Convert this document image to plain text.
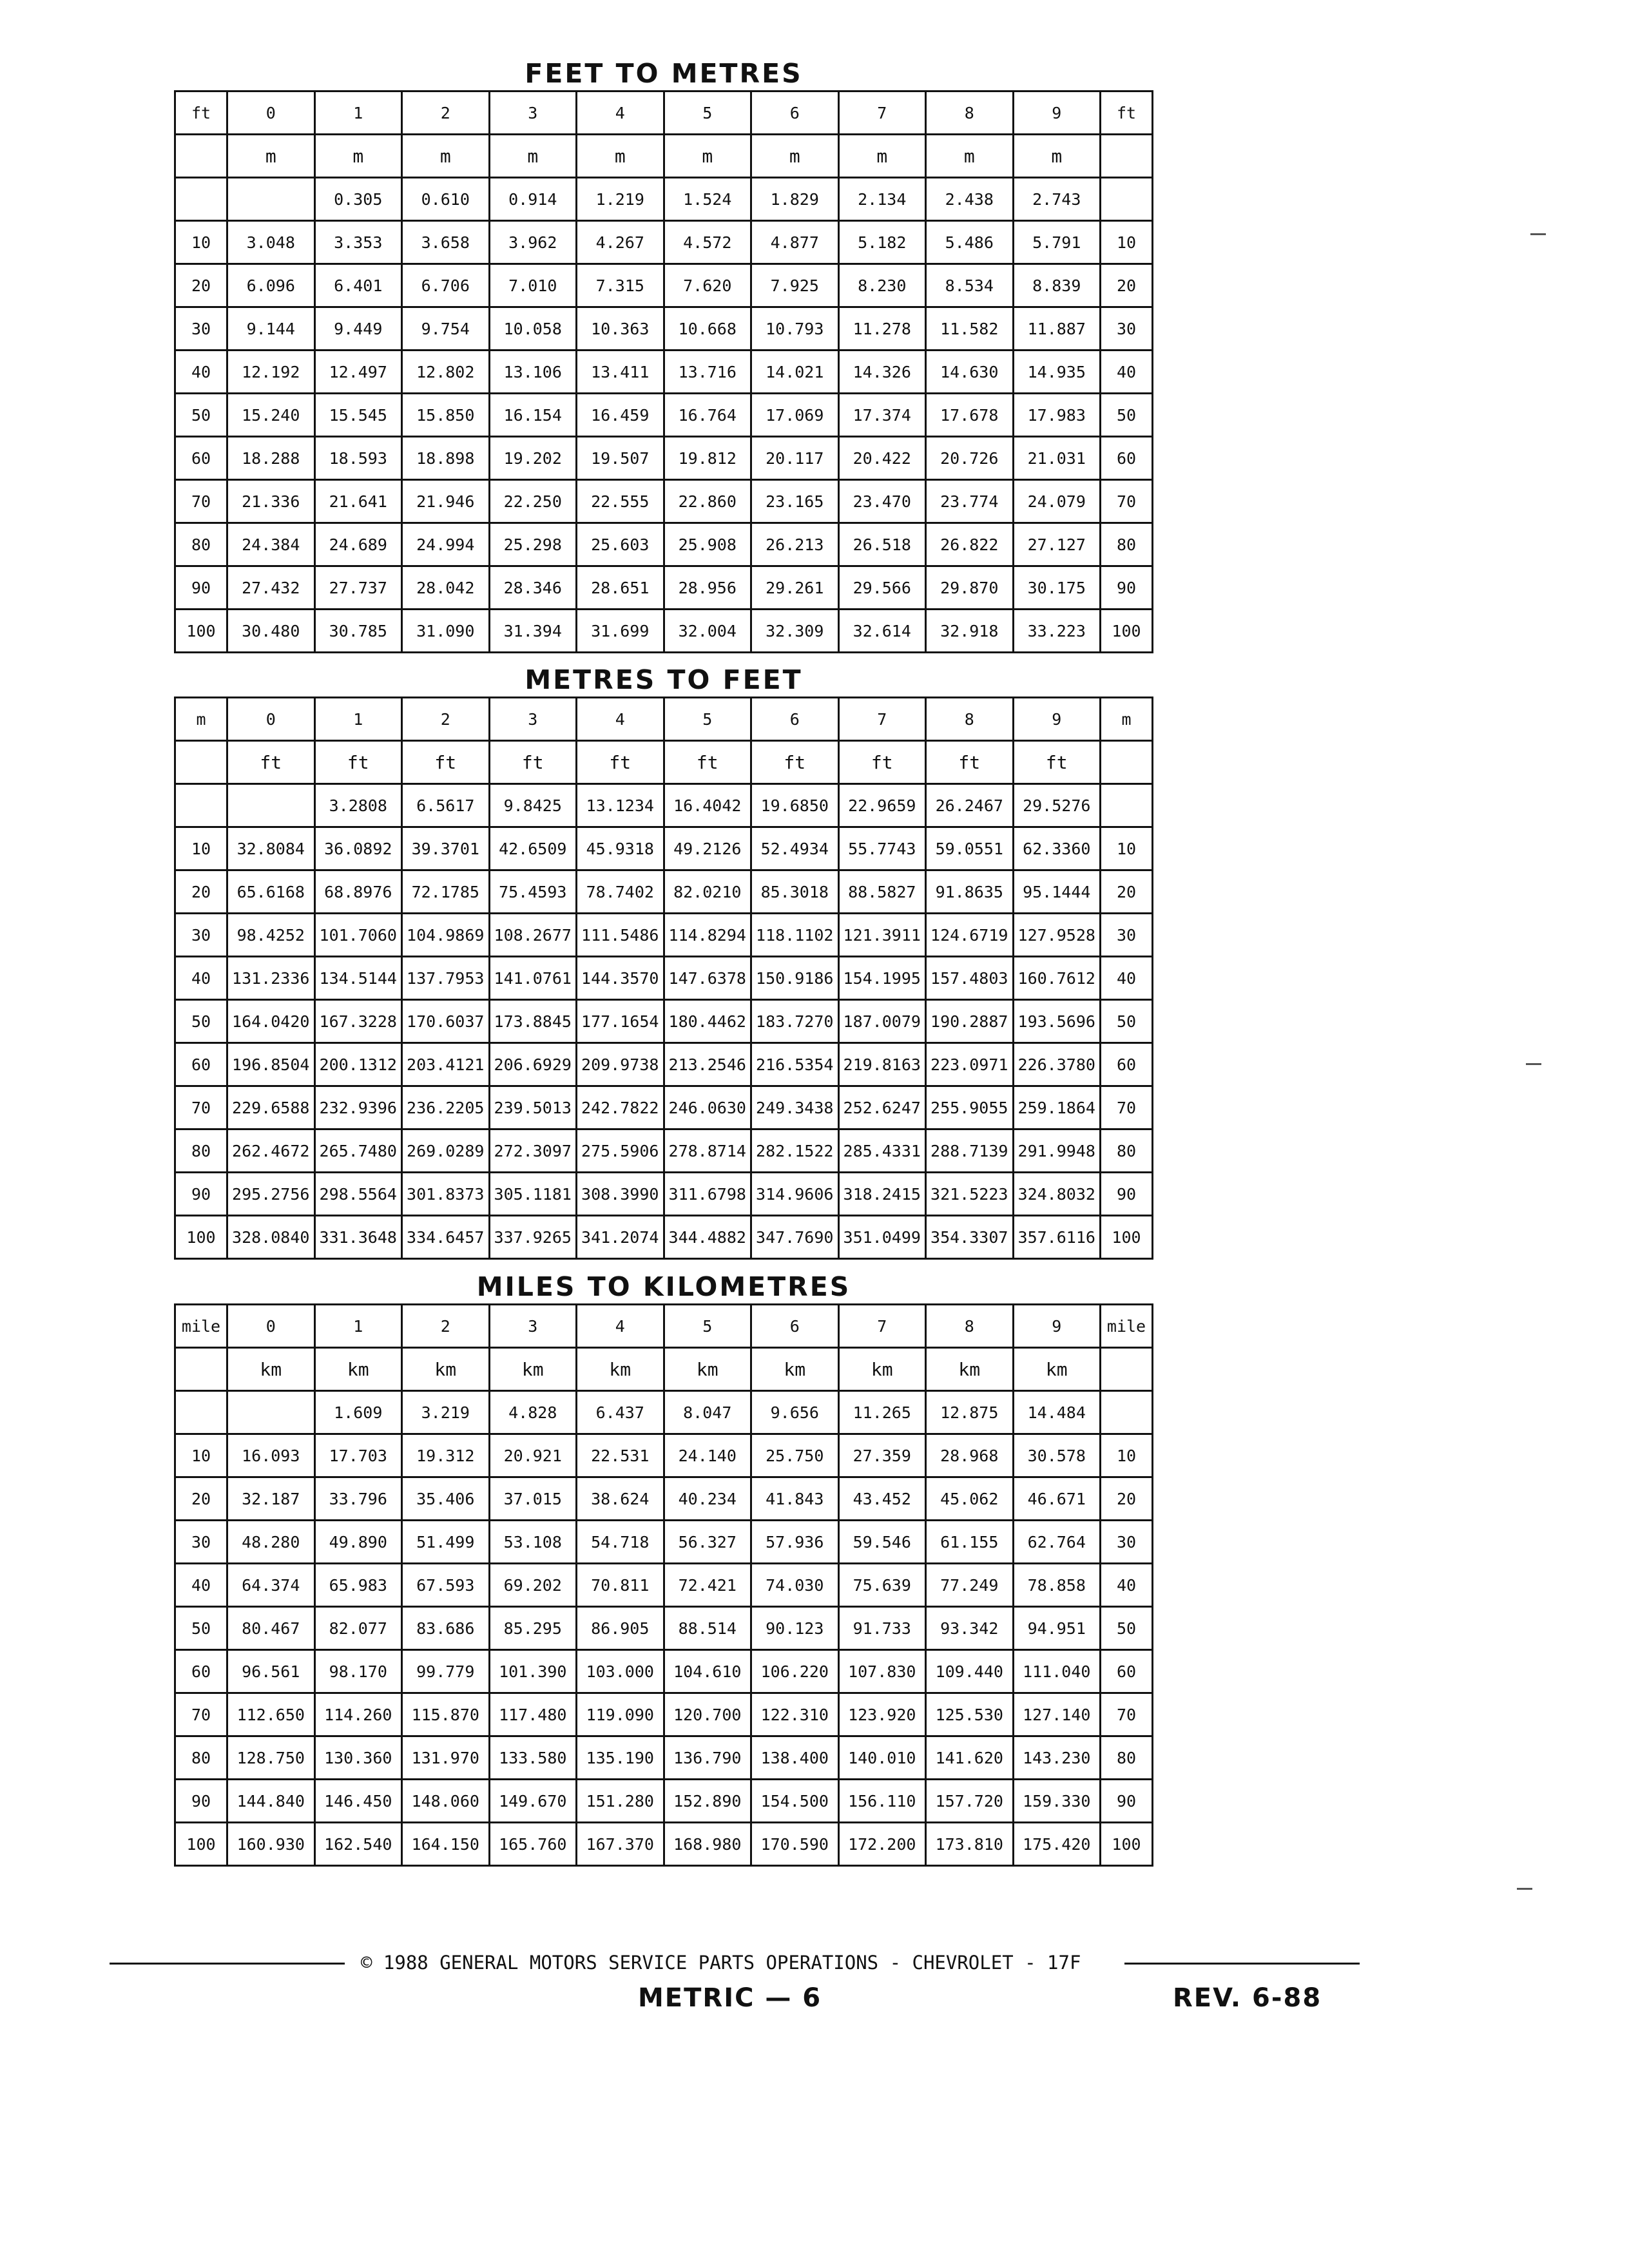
FEET TO METRES
ft	0	1	2	3	4	5	6	7	8	9	ft
	m	m	m	m	m	m	m	m	m	m	
		0.305	0.610	0.914	1.219	1.524	1.829	2.134	2.438	2.743	
10	3.048	3.353	3.658	3.962	4.267	4.572	4.877	5.182	5.486	5.791	10
20	6.096	6.401	6.706	7.010	7.315	7.620	7.925	8.230	8.534	8.839	20
30	9.144	9.449	9.754	10.058	10.363	10.668	10.793	11.278	11.582	11.887	30
40	12.192	12.497	12.802	13.106	13.411	13.716	14.021	14.326	14.630	14.935	40
50	15.240	15.545	15.850	16.154	16.459	16.764	17.069	17.374	17.678	17.983	50
60	18.288	18.593	18.898	19.202	19.507	19.812	20.117	20.422	20.726	21.031	60
70	21.336	21.641	21.946	22.250	22.555	22.860	23.165	23.470	23.774	24.079	70
80	24.384	24.689	24.994	25.298	25.603	25.908	26.213	26.518	26.822	27.127	80
90	27.432	27.737	28.042	28.346	28.651	28.956	29.261	29.566	29.870	30.175	90
100	30.480	30.785	31.090	31.394	31.699	32.004	32.309	32.614	32.918	33.223	100
METRES TO FEET
m	0	1	2	3	4	5	6	7	8	9	m
	ft	ft	ft	ft	ft	ft	ft	ft	ft	ft	
		3.2808	6.5617	9.8425	13.1234	16.4042	19.6850	22.9659	26.2467	29.5276	
10	32.8084	36.0892	39.3701	42.6509	45.9318	49.2126	52.4934	55.7743	59.0551	62.3360	10
20	65.6168	68.8976	72.1785	75.4593	78.7402	82.0210	85.3018	88.5827	91.8635	95.1444	20
30	98.4252	101.7060	104.9869	108.2677	111.5486	114.8294	118.1102	121.3911	124.6719	127.9528	30
40	131.2336	134.5144	137.7953	141.0761	144.3570	147.6378	150.9186	154.1995	157.4803	160.7612	40
50	164.0420	167.3228	170.6037	173.8845	177.1654	180.4462	183.7270	187.0079	190.2887	193.5696	50
60	196.8504	200.1312	203.4121	206.6929	209.9738	213.2546	216.5354	219.8163	223.0971	226.3780	60
70	229.6588	232.9396	236.2205	239.5013	242.7822	246.0630	249.3438	252.6247	255.9055	259.1864	70
80	262.4672	265.7480	269.0289	272.3097	275.5906	278.8714	282.1522	285.4331	288.7139	291.9948	80
90	295.2756	298.5564	301.8373	305.1181	308.3990	311.6798	314.9606	318.2415	321.5223	324.8032	90
100	328.0840	331.3648	334.6457	337.9265	341.2074	344.4882	347.7690	351.0499	354.3307	357.6116	100
MILES TO KILOMETRES
mile	0	1	2	3	4	5	6	7	8	9	mile
	km	km	km	km	km	km	km	km	km	km	
		1.609	3.219	4.828	6.437	8.047	9.656	11.265	12.875	14.484	
10	16.093	17.703	19.312	20.921	22.531	24.140	25.750	27.359	28.968	30.578	10
20	32.187	33.796	35.406	37.015	38.624	40.234	41.843	43.452	45.062	46.671	20
30	48.280	49.890	51.499	53.108	54.718	56.327	57.936	59.546	61.155	62.764	30
40	64.374	65.983	67.593	69.202	70.811	72.421	74.030	75.639	77.249	78.858	40
50	80.467	82.077	83.686	85.295	86.905	88.514	90.123	91.733	93.342	94.951	50
60	96.561	98.170	99.779	101.390	103.000	104.610	106.220	107.830	109.440	111.040	60
70	112.650	114.260	115.870	117.480	119.090	120.700	122.310	123.920	125.530	127.140	70
80	128.750	130.360	131.970	133.580	135.190	136.790	138.400	140.010	141.620	143.230	80
90	144.840	146.450	148.060	149.670	151.280	152.890	154.500	156.110	157.720	159.330	90
100	160.930	162.540	164.150	165.760	167.370	168.980	170.590	172.200	173.810	175.420	100
© 1988 GENERAL MOTORS SERVICE PARTS OPERATIONS - CHEVROLET - 17F
METRIC — 6	REV. 6-88
